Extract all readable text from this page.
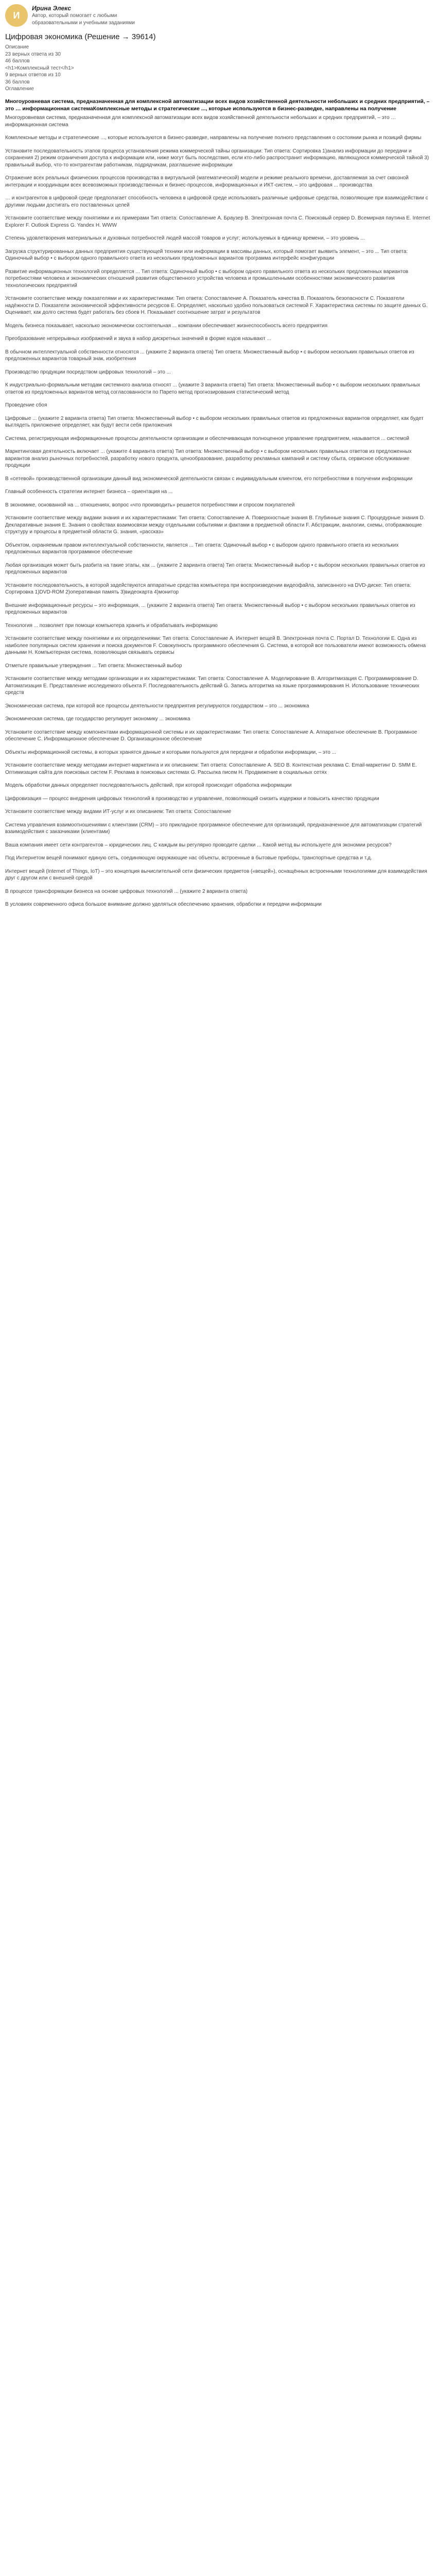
И
Ирина Элекс
Автор, который помогает с любыми образовательными и учебными заданиями
Цифровая экономика (Решение → 39614)
Описание
23 верных ответа из 30
46 баллов
<h1>Комплексный тест</h1>
9 верных ответов из 10
36 баллов
Оглавление
Многоуровневая система, предназначенная для комплексной автоматизации всех видов хозяйственной деятельности небольших и средних предприятий, – это … информационная системаКомплексные методы и стратегические ..., которые используются в бизнес-разведке, направлены на получение
Многоуровневая система, предназначенная для комплексной автоматизации всех видов хозяйственной деятельности небольших и средних предприятий, – это … информационная система
Комплексные методы и стратегические ..., которые используются в бизнес-разведке, направлены на получение полного представления о состоянии рынка и позиций фирмы
Установите последовательность этапов процесса установления режима коммерческой тайны организации: Тип ответа: Сортировка 1)анализ информации до передачи и сохранения 2) режим ограничения доступа к информации или, ниже могут быть последствия, если кто-либо распространит информацию, являющуюся коммерческой тайной 3) правильный выбор, что-то контрагентам работникам, подрядчикам, разглашение информации
Отражение всех реальных физических процессов производства в виртуальной (математической) модели и режиме реального времени, доставляемая за счет сквозной интеграции и координации всех всевозможных производственных и бизнес-процессов, информационных и ИКТ-систем, – это цифровая ... производства
… и контрагентов в цифровой среде предполагает способность человека в цифровой среде использовать различные цифровые средства, позволяющие при взаимодействии с другими людьми достигать его поставленных целей
Установите соответствие между понятиями и их примерами Тип ответа: Сопоставление A. Браузер B. Электронная почта C. Поисковый сервер D. Всемирная паутина E. Internet Explorer F. Outlook Express G. Yandex H. WWW
Степень удовлетворения материальных и духовных потребностей людей массой товаров и услуг; используемых в единицу времени, – это уровень ...
Загрузка структурированных данных предприятия существующей техники или информации в массивы данных, который помогает выявить элемент, – это ... Тип ответа: Одиночный выбор • с выбором одного правильного ответа из нескольких предложенных вариантов программа интерфейс конфигурации
Развитие информационных технологий определяется ... Тип ответа: Одиночный выбор • с выбором одного правильного ответа из нескольких предложенных вариантов потребностями человека и экономических отношений развития общественного устройства человека и промышленными особенностями экономического развития технологических предприятий
Установите соответствие между показателями и их характеристиками: Тип ответа: Сопоставление A. Показатель качества B. Показатель безопасности C. Показатели надёжности D. Показатели экономической эффективности ресурсов E. Определяет, насколько удобно пользоваться системой F. Характеристика системы по защите данных G. Оценивает, как долго система будет работать без сбоев H. Показывает соотношение затрат и результатов
Модель бизнеса показывает, насколько экономически состоятельная ... компании обеспечивает жизнеспособность всего предприятия
Преобразование непрерывных изображений и звука в набор дискретных значений в форме кодов называют ...
В обычном интеллектуальной собственности относятся ... (укажите 2 варианта ответа) Тип ответа: Множественный выбор • с выбором нескольких правильных ответов из предложенных вариантов товарный знак, изобретения
Производство продукции посредством цифровых технологий – это ...
К индустриально-формальным методам системного анализа относят ... (укажите 3 варианта ответа) Тип ответа: Множественный выбор • с выбором нескольких правильных ответов из предложенных вариантов метод согласованности по Парето метод прогнозирования статистический метод
Проведение сбоя
Цифровые ... (укажите 2 варианта ответа) Тип ответа: Множественный выбор • с выбором нескольких правильных ответов из предложенных вариантов определяет, как будет выглядеть приложение определяет, как будут вести себя приложения
Система, регистрирующая информационные процессы деятельности организации и обеспечивающая полноценное управление предприятием, называется ... системой
Маркетинговая деятельность включает ... (укажите 4 варианта ответа) Тип ответа: Множественный выбор • с выбором нескольких правильных ответов из предложенных вариантов анализ рыночных потребностей, разработку нового продукта, ценообразование, разработку рекламных кампаний и систему сбыта, сервисное обслуживание продукции
В «сетевой» производственной организации данный вид экономической деятельности связан с индивидуальным клиентом, его потребностями в получении информации
Главный особенность стратегии интернет бизнеса – ориентация на ...
В экономике, основанной на ... отношениях, вопрос «что производить» решается потребностями и спросом покупателей
Установите соответствие между видами знания и их характеристиками: Тип ответа: Сопоставление A. Поверхностные знания B. Глубинные знания C. Процедурные знания D. Декларативные знания E. Знания о свойствах взаимосвязи между отдельными событиями и фактами в предметной области F. Абстракции, аналогии, схемы, отображающие структуру и процессы в предметной области G. знания, «рассказ»
Объектом, охраняемым правом интеллектуальной собственности, является ... Тип ответа: Одиночный выбор • с выбором одного правильного ответа из нескольких предложенных вариантов программное обеспечение
Любая организация может быть разбита на такие этапы, как ... (укажите 2 варианта ответа) Тип ответа: Множественный выбор • с выбором нескольких правильных ответов из предложенных вариантов
Установите последовательность, в которой задействуются аппаратные средства компьютера при воспроизведении видеофайла, записанного на DVD-диске: Тип ответа: Сортировка 1)DVD-ROM 2)оперативная память 3)видеокарта 4)монитор
Внешние информационные ресурсы – это информация, ... (укажите 2 варианта ответа) Тип ответа: Множественный выбор • с выбором нескольких правильных ответов из предложенных вариантов
Технология ... позволяет при помощи компьютера хранить и обрабатывать информацию
Установите соответствие между понятиями и их определениями: Тип ответа: Сопоставление A. Интернет вещей B. Электронная почта C. Портал D. Технологии E. Одна из наиболее популярных систем хранения и поиска документов F. Совокупность программного обеспечения G. Система, в которой все пользователи имеют возможность обмена данными H. Компьютерная система, позволяющая связывать сервисы
Отметьте правильные утверждения ... Тип ответа: Множественный выбор
Установите соответствие между методами организации и их характеристиками: Тип ответа: Сопоставление A. Моделирование B. Алгоритмизация C. Программирование D. Автоматизация E. Представление исследуемого объекта F. Последовательность действий G. Запись алгоритма на языке программирования H. Использование технических средств
Экономическая система, при которой все процессы деятельности предприятия регулируются государством – это ... экономика
Экономическая система, где государство регулирует экономику ... экономика
Установите соответствие между компонентами информационной системы и их характеристиками: Тип ответа: Сопоставление A. Аппаратное обеспечение B. Программное обеспечение C. Информационное обеспечение D. Организационное обеспечение
Объекты информационной системы, в которых хранятся данные и которыми пользуются для передачи и обработки информации, – это ...
Установите соответствие между методами интернет-маркетинга и их описанием: Тип ответа: Сопоставление A. SEO B. Контекстная реклама C. Email-маркетинг D. SMM E. Оптимизация сайта для поисковых систем F. Реклама в поисковых системах G. Рассылка писем H. Продвижение в социальных сетях
Модель обработки данных определяет последовательность действий, при которой происходит обработка информации
Цифровизация — процесс внедрения цифровых технологий в производство и управление, позволяющий снизить издержки и повысить качество продукции
Установите соответствие между видами ИТ-услуг и их описанием: Тип ответа: Сопоставление
Система управления взаимоотношениями с клиентами (CRM) – это прикладное программное обеспечение для организаций, предназначенное для автоматизации стратегий взаимодействия с заказчиками (клиентами)
Ваша компания имеет сети контрагентов – юридических лиц. С каждым вы регулярно проводите сделки ... Какой метод вы используете для экономии ресурсов?
Под Интернетом вещей понимают единую сеть, соединяющую окружающие нас объекты, встроенные в бытовые приборы, транспортные средства и т.д.
Интернет вещей (Internet of Things, IoT) – это концепция вычислительной сети физических предметов («вещей»), оснащённых встроенными технологиями для взаимодействия друг с другом или с внешней средой
В процессе трансформации бизнеса на основе цифровых технологий ... (укажите 2 варианта ответа)
В условиях современного офиса большое внимание должно уделяться обеспечению хранения, обработки и передачи информации
